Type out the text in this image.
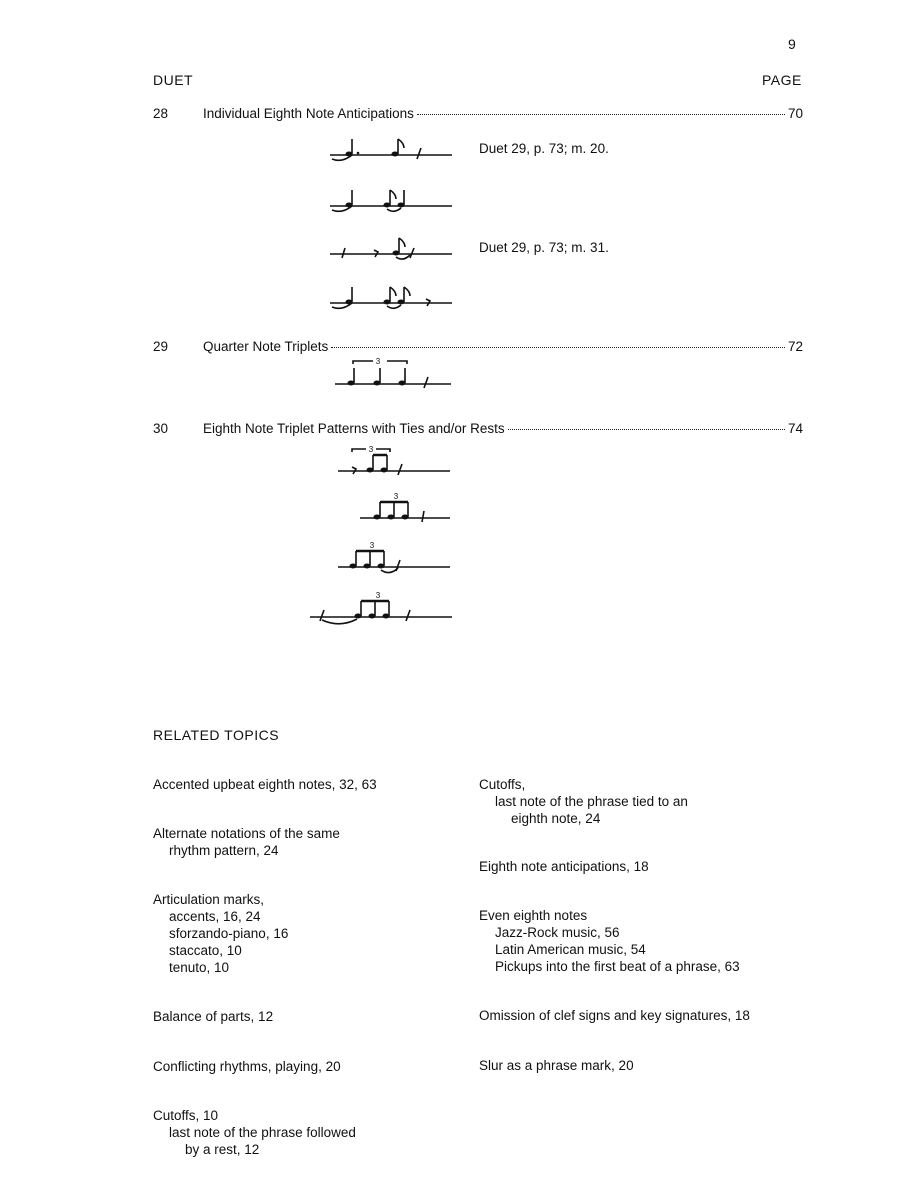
9
DUET	PAGE
28	Individual Eighth Note Anticipations	70
Duet 29, p. 73; m. 20.
Duet 29, p. 73; m. 31.
29	Quarter Note Triplets	72
3
30	Eighth Note Triplet Patterns with Ties and/or Rests	74
3
3
3
3
RELATED TOPICS
Accented upbeat eighth notes, 32, 63
Alternate notations of the same
rhythm pattern, 24
Articulation marks,
accents, 16, 24
sforzando-piano, 16
staccato, 10
tenuto, 10
Balance of parts, 12
Conflicting rhythms, playing, 20
Cutoffs, 10
last note of the phrase followed
by a rest, 12
Cutoffs,
last note of the phrase tied to an
eighth note, 24
Eighth note anticipations, 18
Even eighth notes
Jazz-Rock music, 56
Latin American music, 54
Pickups into the first beat of a phrase, 63
Omission of clef signs and key signatures, 18
Slur as a phrase mark, 20
